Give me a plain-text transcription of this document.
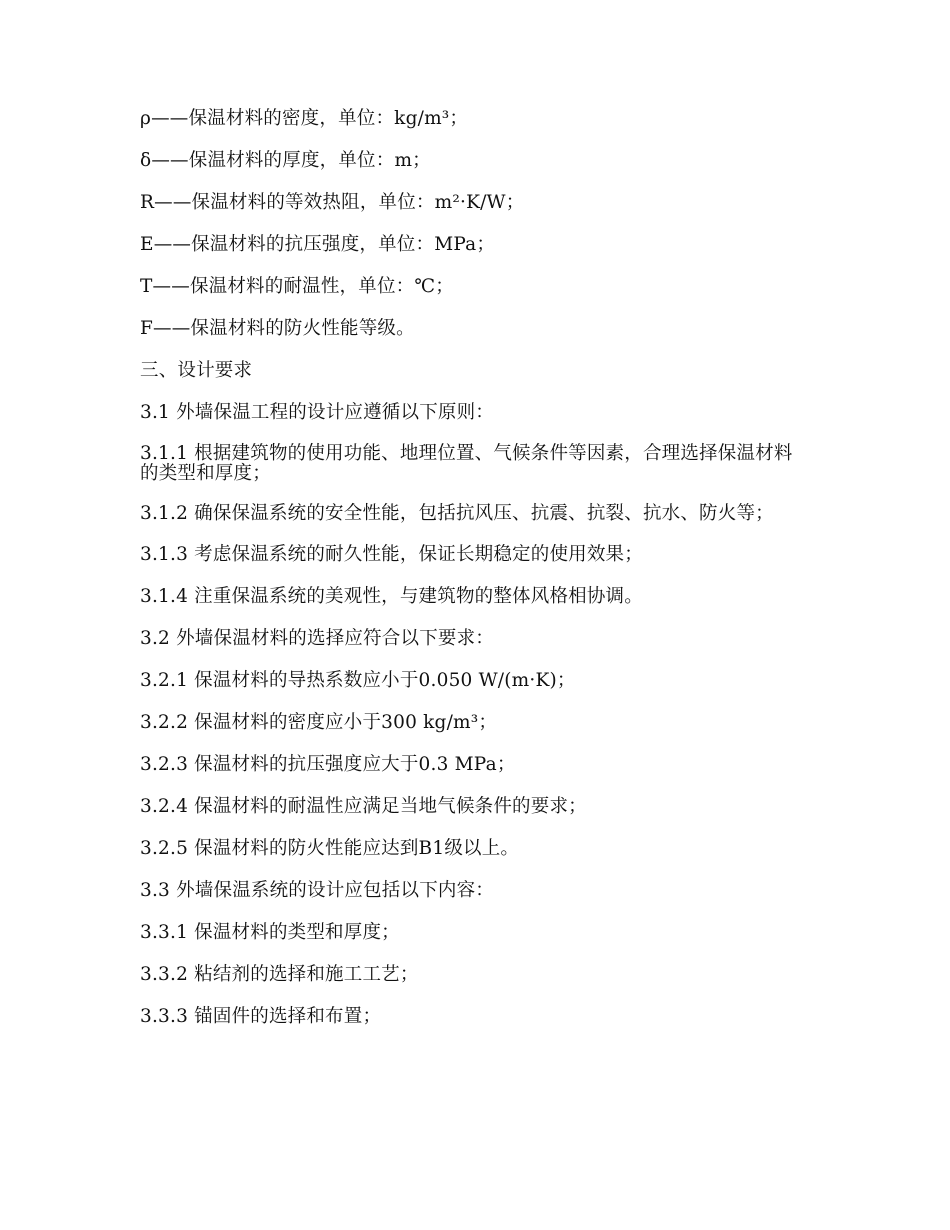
ρ——保温材料的密度，单位：kg/m³；

δ——保温材料的厚度，单位：m；

R——保温材料的等效热阻，单位：m²·K/W；

E——保温材料的抗压强度，单位：MPa；

T——保温材料的耐温性，单位：℃；

F——保温材料的防火性能等级。

三、设计要求

3.1 外墙保温工程的设计应遵循以下原则：

3.1.1 根据建筑物的使用功能、地理位置、气候条件等因素，合理选择保温材料的类型和厚度；

3.1.2 确保保温系统的安全性能，包括抗风压、抗震、抗裂、抗水、防火等；

3.1.3 考虑保温系统的耐久性能，保证长期稳定的使用效果；

3.1.4 注重保温系统的美观性，与建筑物的整体风格相协调。

3.2 外墙保温材料的选择应符合以下要求：

3.2.1 保温材料的导热系数应小于0.050 W/(m·K)；

3.2.2 保温材料的密度应小于300 kg/m³；

3.2.3 保温材料的抗压强度应大于0.3 MPa；

3.2.4 保温材料的耐温性应满足当地气候条件的要求；

3.2.5 保温材料的防火性能应达到B1级以上。

3.3 外墙保温系统的设计应包括以下内容：

3.3.1 保温材料的类型和厚度；

3.3.2 粘结剂的选择和施工工艺；

3.3.3 锚固件的选择和布置；
